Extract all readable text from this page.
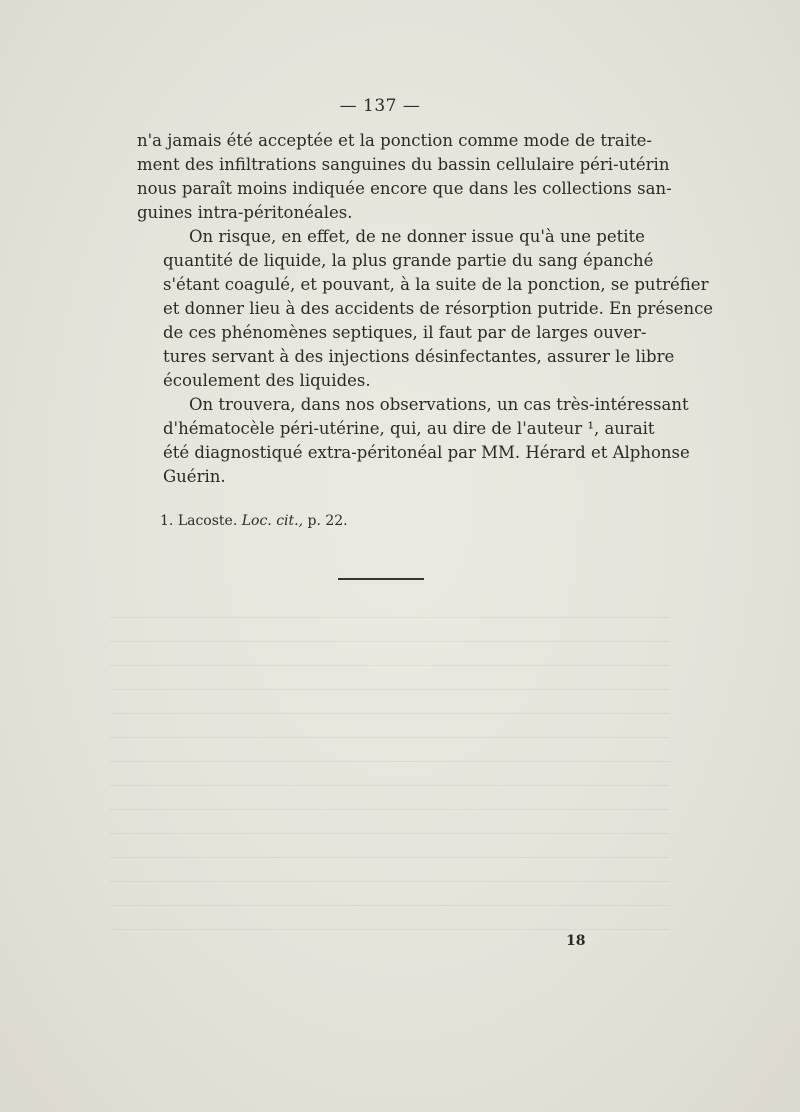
— 137 —

n'a jamais été acceptée et la ponction comme mode de traite-
ment des infiltrations sanguines du bassin cellulaire péri-utérin
nous paraît moins indiquée encore que dans les collections san-
guines intra-péritonéales.

On risque, en effet, de ne donner issue qu'à une petite
quantité de liquide, la plus grande partie du sang épanché
s'étant coagulé, et pouvant, à la suite de la ponction, se putréfier
et donner lieu à des accidents de résorption putride. En présence
de ces phénomènes septiques, il faut par de larges ouver-
tures servant à des injections désinfectantes, assurer le libre
écoulement des liquides.

On trouvera, dans nos observations, un cas très-intéressant
d'hématocèle péri-utérine, qui, au dire de l'auteur ¹, aurait
été diagnostiqué extra-péritonéal par MM. Hérard et Alphonse
Guérin.

1. Lacoste. Loc. cit., p. 22.
18
